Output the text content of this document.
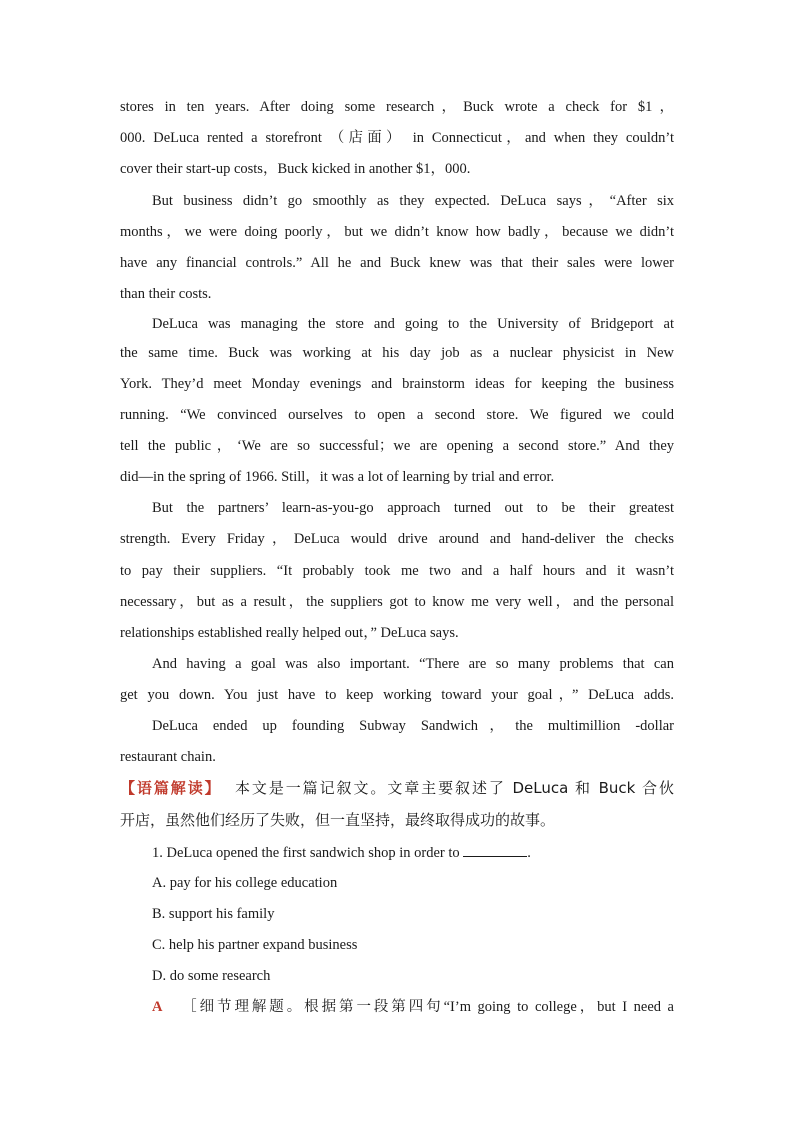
stores in ten years. After doing some research，Buck wrote a check for $1，
000. DeLuca rented a storefront （店面） in Connecticut，and when they couldn’t
cover their start-up costs，Buck kicked in another $1，000.
But business didn’t go smoothly as they expected. DeLuca says，“After six
months，we were doing poorly，but we didn’t know how badly，because we didn’t
have any financial controls.” All he and Buck knew was that their sales were lower
than their costs.
DeLuca was managing the store and going to the University of Bridgeport at
the same time. Buck was working at his day job as a nuclear physicist in New
York. They’d meet Monday evenings and brainstorm ideas for keeping the business
running. “We convinced ourselves to open a second store. We figured we could
tell the public，‘We are so successful；we are opening a second store.” And they
did—in the spring of 1966. Still，it was a lot of learning by trial and error.
But the partners’ learn-as-you-go approach turned out to be their greatest
strength. Every Friday，DeLuca would drive around and hand-deliver the checks
to pay their suppliers. “It probably took me two and a half hours and it wasn’t
necessary，but as a result，the suppliers got to know me very well，and the personal
relationships established really helped out，” DeLuca says.
And having a goal was also important. “There are so many problems that can
get you down. You just have to keep working toward your goal，” DeLuca adds.
DeLuca ended up founding Subway Sandwich，the multimillion -dollar
restaurant chain.
【语篇解读】 本文是一篇记叙文。文章主要叙述了 DeLuca 和 Buck 合伙
开店，虽然他们经历了失败，但一直坚持，最终取得成功的故事。
1. DeLuca opened the first sandwich shop in order to	.
A. pay for his college education
B. support his family
C. help his partner expand business
D. do some research
A ［细节理解题。根据第一段第四句“I’m going to college，but I need a
